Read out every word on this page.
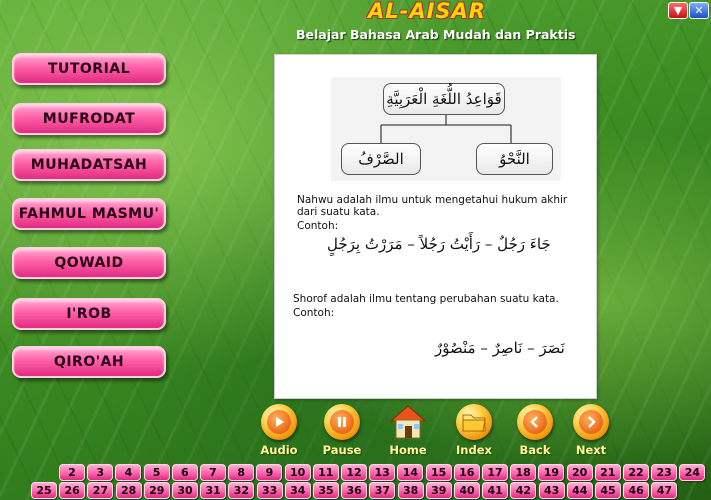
AL-AISAR
Belajar Bahasa Arab Mudah dan Praktis
▼ ✕
TUTORIAL
MUFRODAT
MUHADATSAH
FAHMUL MASMU'
QOWAID
I'ROB
QIRO'AH
قَوَاعِدُ اللُّغَةِ الْعَرَبِيَّةِ
الصَّرْفُ	النَّحْوُ
Nahwu adalah ilmu untuk mengetahui hukum akhir dari suatu kata.
Contoh:
جَاءَ رَجُلٌ – رَأَيْتُ رَجُلاً – مَرَرْتُ بِرَجُلٍ
Shorof adalah ilmu tentang perubahan suatu kata.
Contoh:
نَصَرَ – نَاصِرٌ – مَنْصُوْرٌ
Audio Pause Home	Index Back Next
2	3	4	5	6	7	8	9	10	11	12	13	14	15	16	17	18	19	20	21	22	23	24
25	26	27	28	29	30	31	32	33	34	35	36	37	38	39	40	41	42	43	44	45	46	47
